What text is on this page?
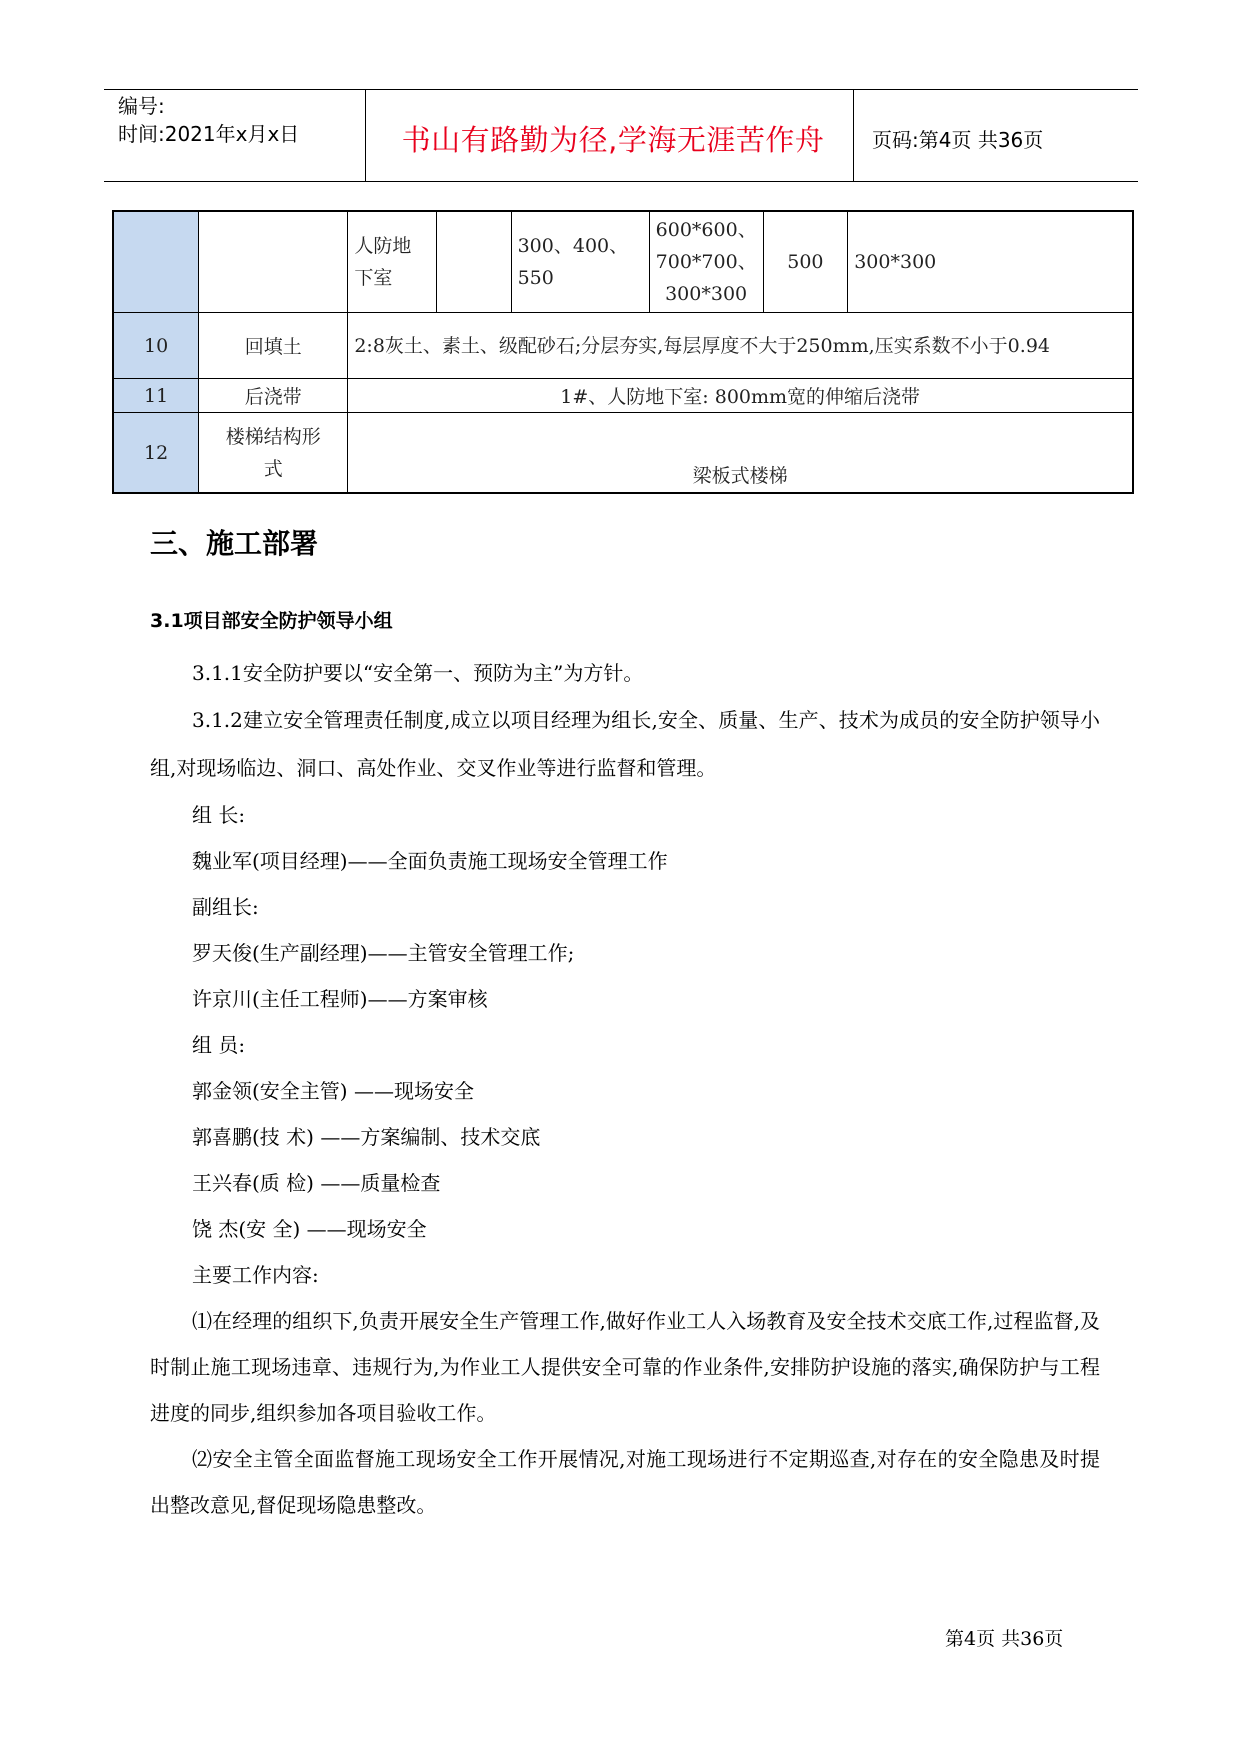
编号:
时间:2021年x月x日	书山有路勤为径,学海无涯苦作舟	页码:第4页 共36页
		人防地下室		300、400、550	600*600、700*700、300*300	500	300*300
10	回填土	2:8灰土、素土、级配砂石;分层夯实,每层厚度不大于250mm,压实系数不小于0.94					
11	后浇带	1#、人防地下室: 800mm宽的伸缩后浇带					
12	楼梯结构形式	梁板式楼梯					
三、施工部署
3.1项目部安全防护领导小组

3.1.1安全防护要以“安全第一、预防为主”为方针。

3.1.2建立安全管理责任制度,成立以项目经理为组长,安全、质量、生产、技术为成员的安全防护领导小组,对现场临边、洞口、高处作业、交叉作业等进行监督和管理。

组 长:

魏业军(项目经理)——全面负责施工现场安全管理工作

副组长:

罗天俊(生产副经理)——主管安全管理工作;

许京川(主任工程师)——方案审核

组 员:

郭金领(安全主管) ——现场安全

郭喜鹏(技 术) ——方案编制、技术交底

王兴春(质 检) ——质量检查

饶 杰(安 全) ——现场安全

主要工作内容:

⑴在经理的组织下,负责开展安全生产管理工作,做好作业工人入场教育及安全技术交底工作,过程监督,及时制止施工现场违章、违规行为,为作业工人提供安全可靠的作业条件,安排防护设施的落实,确保防护与工程进度的同步,组织参加各项目验收工作。

⑵安全主管全面监督施工现场安全工作开展情况,对施工现场进行不定期巡查,对存在的安全隐患及时提出整改意见,督促现场隐患整改。

第4页 共36页
